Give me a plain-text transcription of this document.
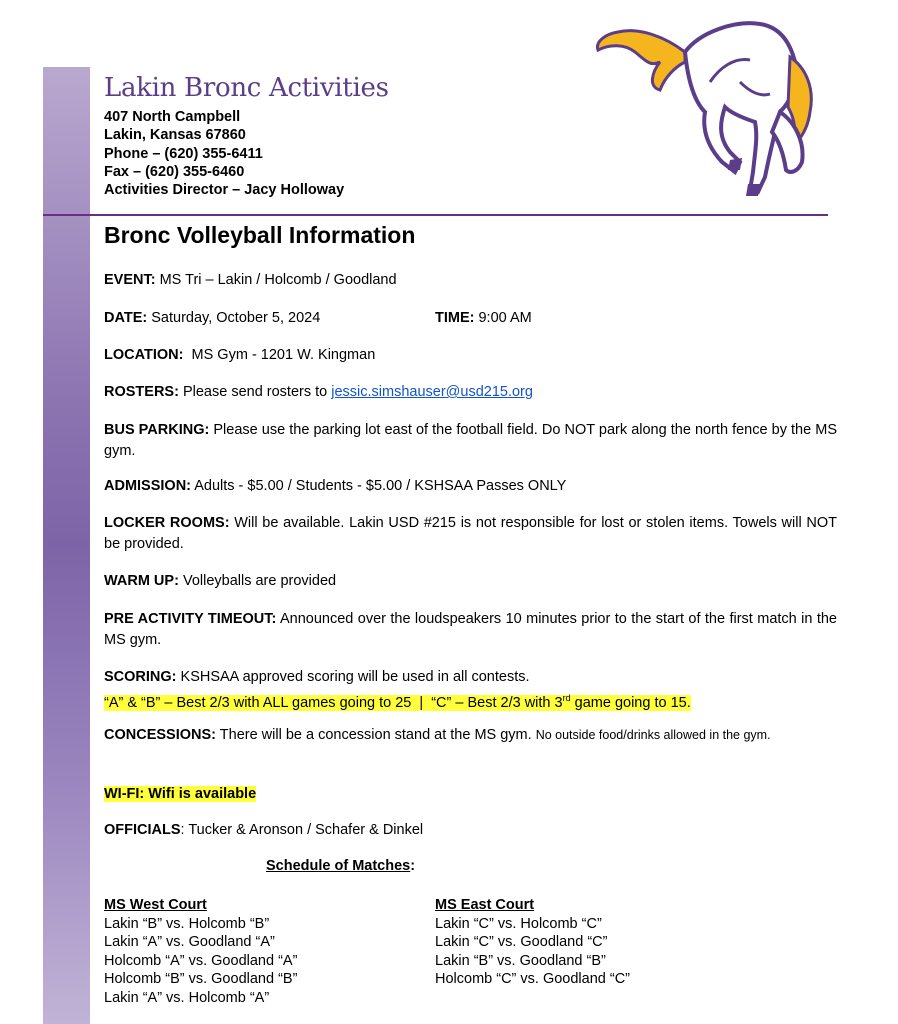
Lakin Bronc Activities
407 North Campbell
Lakin, Kansas 67860
Phone – (620) 355-6411
Fax – (620) 355-6460
Activities Director – Jacy Holloway
Bronc Volleyball Information
EVENT: MS Tri – Lakin / Holcomb / Goodland
DATE: Saturday, October 5, 2024	TIME: 9:00 AM
LOCATION:  MS Gym - 1201 W. Kingman
ROSTERS: Please send rosters to jessic.simshauser@usd215.org
BUS PARKING: Please use the parking lot east of the football field. Do NOT park along the north fence by the MS gym.
ADMISSION: Adults - $5.00 / Students - $5.00 / KSHSAA Passes ONLY
LOCKER ROOMS: Will be available. Lakin USD #215 is not responsible for lost or stolen items. Towels will NOT be provided.
WARM UP: Volleyballs are provided
PRE ACTIVITY TIMEOUT: Announced over the loudspeakers 10 minutes prior to the start of the first match in the MS gym.
SCORING: KSHSAA approved scoring will be used in all contests.
“A” & “B” – Best 2/3 with ALL games going to 25  |  “C” – Best 2/3 with 3rd game going to 15.
CONCESSIONS: There will be a concession stand at the MS gym. No outside food/drinks allowed in the gym.
WI-FI: Wifi is available
OFFICIALS: Tucker & Aronson / Schafer & Dinkel
Schedule of Matches:
MS West Court
Lakin “B” vs. Holcomb “B”
Lakin “A” vs. Goodland “A”
Holcomb “A” vs. Goodland “A”
Holcomb “B” vs. Goodland “B”
Lakin “A” vs. Holcomb “A”
MS East Court
Lakin “C” vs. Holcomb “C”
Lakin “C” vs. Goodland “C”
Lakin “B” vs. Goodland “B”
Holcomb “C” vs. Goodland “C”
